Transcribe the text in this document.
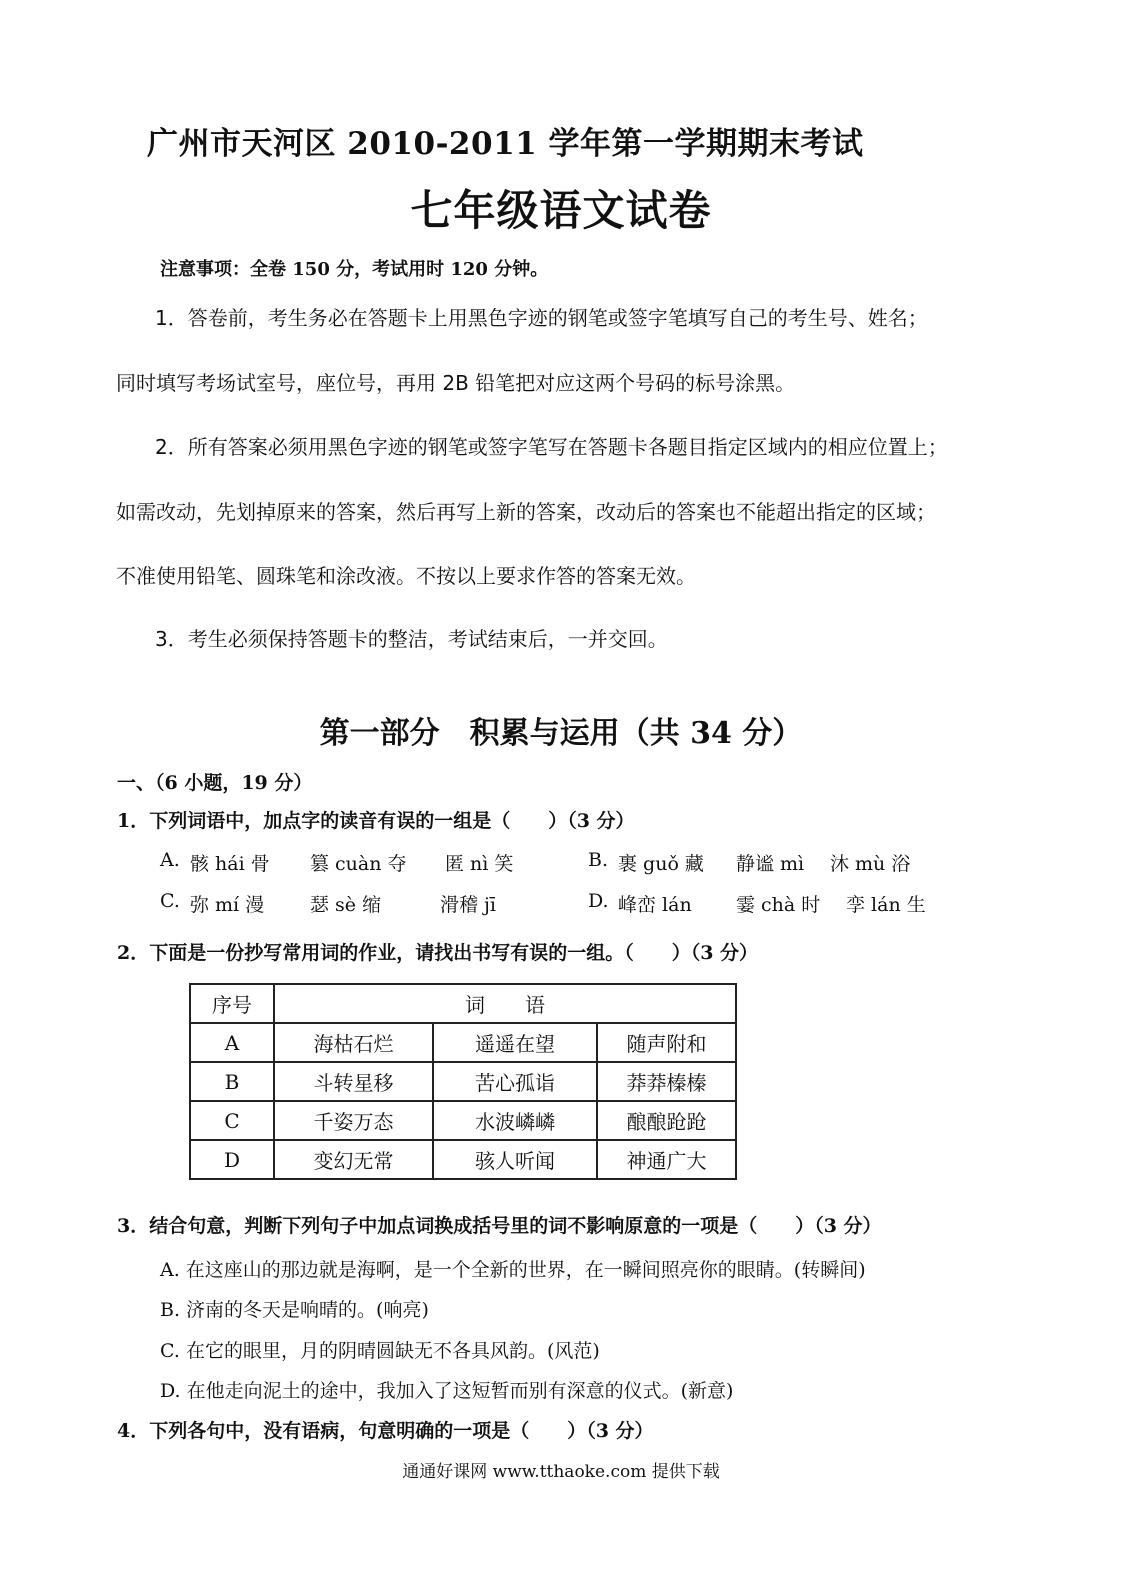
广州市天河区 2010-2011 学年第一学期期末考试
七年级语文试卷
注意事项：全卷 150 分，考试用时 120 分钟。
1．答卷前，考生务必在答题卡上用黑色字迹的钢笔或签字笔填写自己的考生号、姓名；
同时填写考场试室号，座位号，再用 2B 铅笔把对应这两个号码的标号涂黑。
2．所有答案必须用黑色字迹的钢笔或签字笔写在答题卡各题目指定区域内的相应位置上；
如需改动，先划掉原来的答案，然后再写上新的答案，改动后的答案也不能超出指定的区域；
不准使用铅笔、圆珠笔和涂改液。不按以上要求作答的答案无效。
3．考生必须保持答题卡的整洁，考试结束后，一并交回。
第一部分　积累与运用（共 34 分）
一、（6 小题，19 分）
1．下列词语中，加点字的读音有误的一组是（　　）（3 分）
A. 骸 hái 骨 篡 cuàn 夺 匿 nì 笑	B. 裹 guǒ 藏 静谧 mì 沐 mù 浴
C. 弥 mí 漫 瑟 sè 缩	滑稽 jī	D. 峰峦 lán 霎 chà 时 孪 lán 生
2．下面是一份抄写常用词的作业，请找出书写有误的一组。（　　）（3 分）
序号	词　　语		
A	海枯石烂	遥遥在望	随声附和
B	斗转星移	苦心孤诣	莽莽榛榛
C	千姿万态	水波嶙嶙	酿酿跄跄
D	变幻无常	骇人听闻	神通广大
3．结合句意，判断下列句子中加点词换成括号里的词不影响原意的一项是（　　）（3 分）
A. 在这座山的那边就是海啊，是一个全新的世界，在一瞬间照亮你的眼睛。(转瞬间)
B. 济南的冬天是响晴的。(响亮)
C. 在它的眼里，月的阴晴圆缺无不各具风韵。(风范)
D. 在他走向泥土的途中，我加入了这短暂而别有深意的仪式。(新意)
4．下列各句中，没有语病，句意明确的一项是（　　）（3 分）
通通好课网 www.tthaoke.com 提供下载
